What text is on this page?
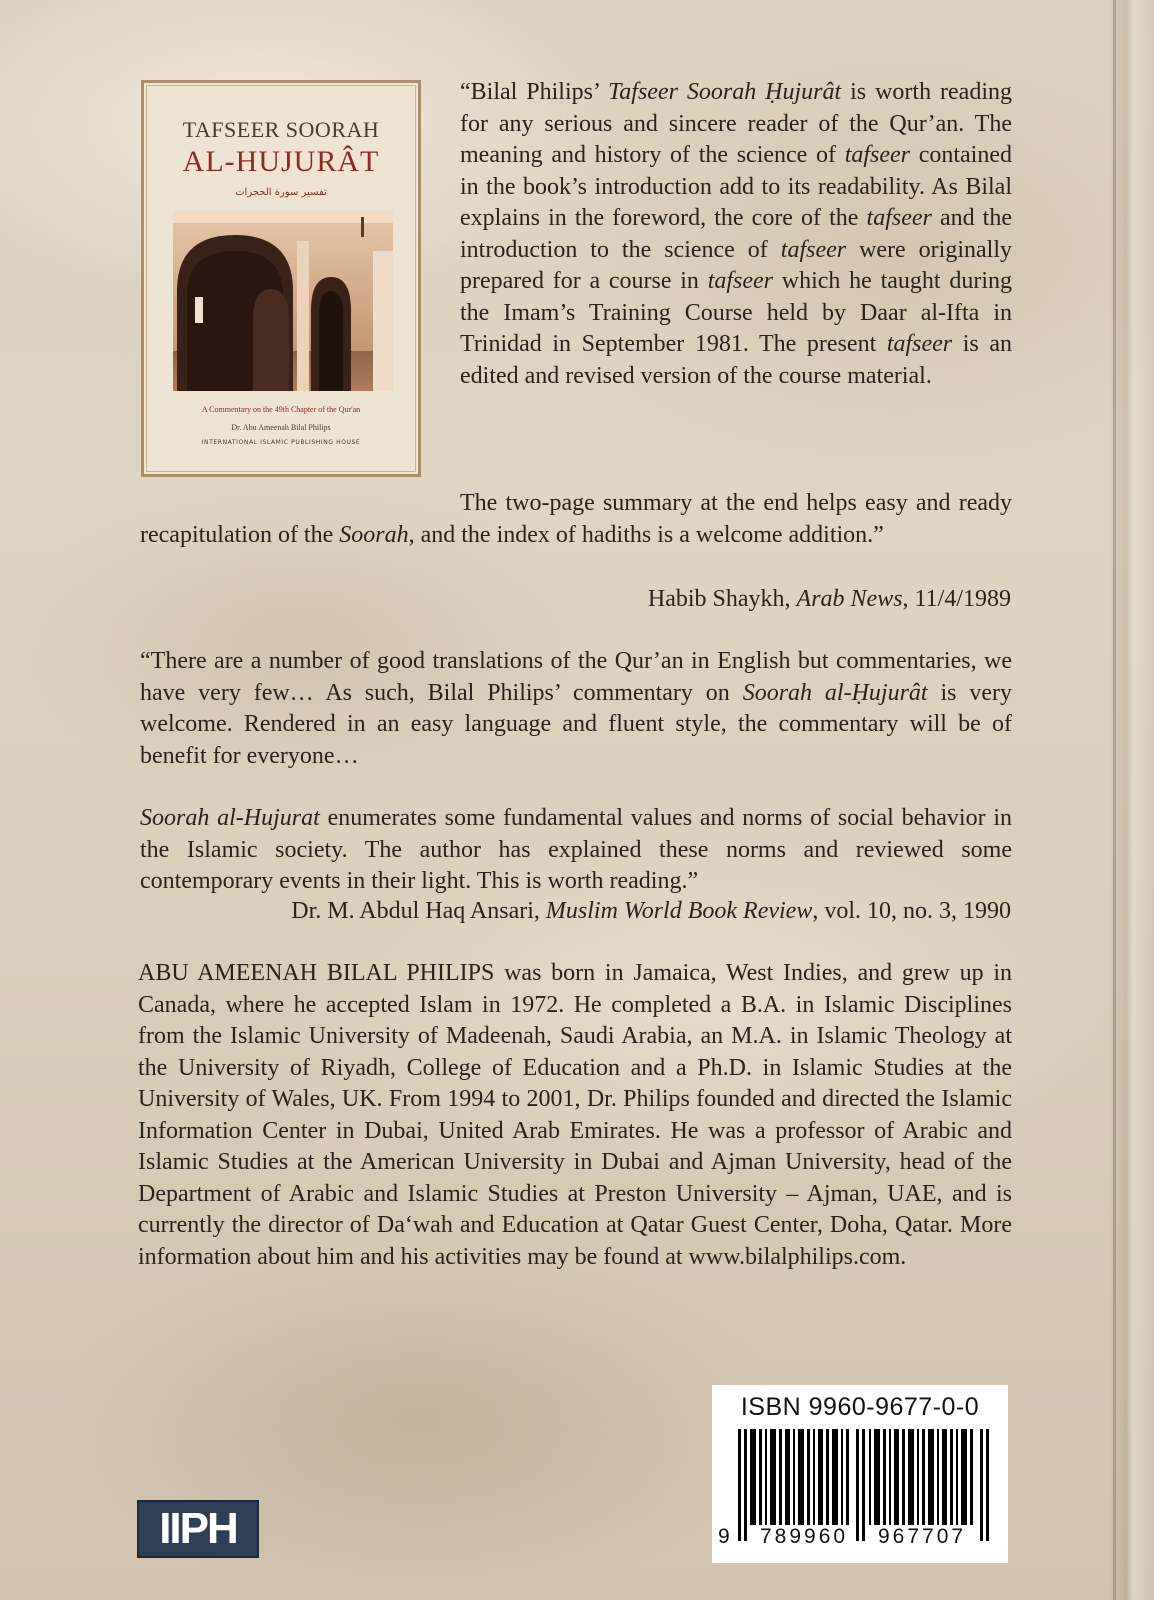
TAFSEER SOORAH
AL-HUJURÂT
تفسير سورة الحجرات
A Commentary on the 49th Chapter of the Qur'an
Dr. Abu Ameenah Bilal Philips
INTERNATIONAL ISLAMIC PUBLISHING HOUSE

“Bilal Philips’ Tafseer Soorah Ḥujurât is worth reading for any serious and sincere reader of the Qur’an. The meaning and history of the science of tafseer contained in the book’s introduction add to its readability. As Bilal explains in the foreword, the core of the tafseer and the introduction to the science of tafseer were originally prepared for a course in tafseer which he taught during the Imam’s Training Course held by Daar al-Ifta in Trinidad in September 1981. The present tafseer is an edited and revised version of the course material.

The two-page summary at the end helps easy and ready recapitulation of the Soorah, and the index of hadiths is a welcome addition.”

Habib Shaykh, Arab News, 11/4/1989

“There are a number of good translations of the Qur’an in English but commentaries, we have very few… As such, Bilal Philips’ commentary on Soorah al-Ḥujurât is very welcome. Rendered in an easy language and fluent style, the commentary will be of benefit for everyone…

Soorah al-Hujurat enumerates some fundamental values and norms of social behavior in the Islamic society. The author has explained these norms and reviewed some contemporary events in their light. This is worth reading.”

Dr. M. Abdul Haq Ansari, Muslim World Book Review, vol. 10, no. 3, 1990

ABU AMEENAH BILAL PHILIPS was born in Jamaica, West Indies, and grew up in Canada, where he accepted Islam in 1972. He completed a B.A. in Islamic Disciplines from the Islamic University of Madeenah, Saudi Arabia, an M.A. in Islamic Theology at the University of Riyadh, College of Education and a Ph.D. in Islamic Studies at the University of Wales, UK. From 1994 to 2001, Dr. Philips founded and directed the Islamic Information Center in Dubai, United Arab Emirates. He was a professor of Arabic and Islamic Studies at the American University in Dubai and Ajman University, head of the Department of Arabic and Islamic Studies at Preston University – Ajman, UAE, and is currently the director of Da‘wah and Education at Qatar Guest Center, Doha, Qatar. More information about him and his activities may be found at www.bilalphilips.com.

ISBN 9960-9677-0-0
9 789960 967707
IIPH
